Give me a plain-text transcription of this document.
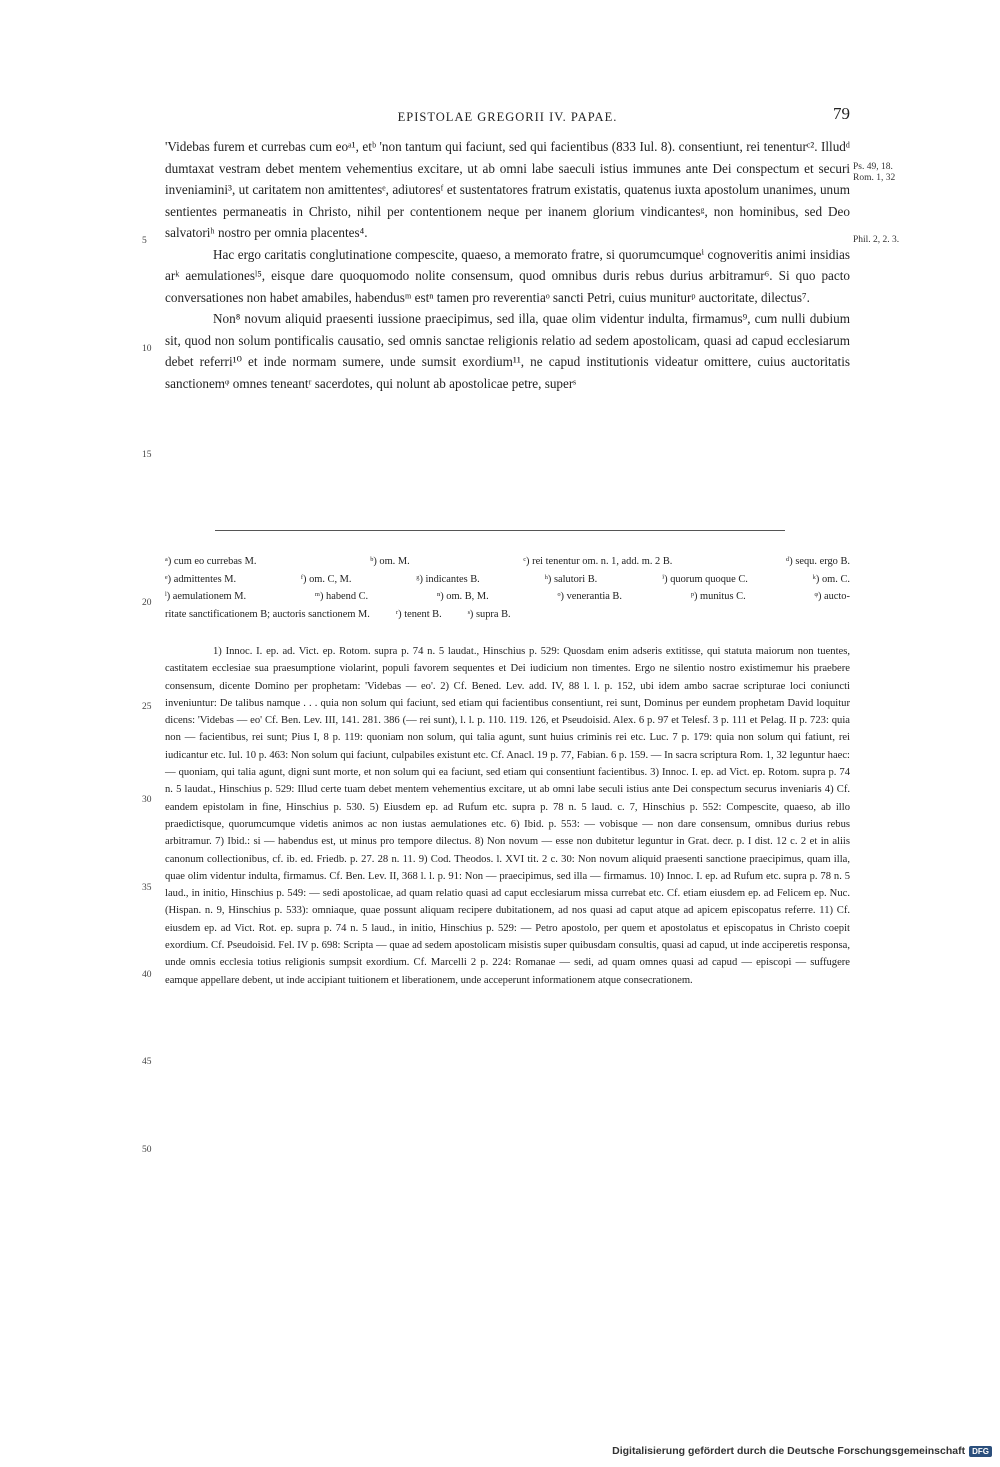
EPISTOLAE GREGORII IV. PAPAE.	79

'Videbas furem et currebas cum eoᵃ¹, etᵇ 'non tantum qui faciunt, sed qui facientibus (833 Iul. 8). consentiunt, rei tenenturᶜ². Illudᵈ dumtaxat vestram debet mentem vehementius excitare, ut ab omni labe saeculi istius immunes ante Dei conspectum et securi inveniamini³, ut caritatem non amittentesᵉ, adiutoresᶠ et sustentatores fratrum existatis, quatenus iuxta apostolum unanimes, unum sentientes permaneatis in Christo, nihil per contentionem neque per inanem glorium vindicantesᵍ, non hominibus, sed Deo salvatoriʰ nostro per omnia placentes⁴.

Hac ergo caritatis conglutinatione compescite, quaeso, a memorato fratre, si quorumcumqueⁱ cognoveritis animi insidias arᵏ aemulationesˡ⁵, eisque dare quoquomodo nolite consensum, quod omnibus duris rebus durius arbitramur⁶. Si quo pacto conversationes non habet amabiles, habendusᵐ estⁿ tamen pro reverentiaᵒ sancti Petri, cuius muniturᵖ auctoritate, dilectus⁷.

Non⁸ novum aliquid praesenti iussione praecipimus, sed illa, quae olim videntur indulta, firmamus⁹, cum nulli dubium sit, quod non solum pontificalis causatio, sed omnis sanctae religionis relatio ad sedem apostolicam, quasi ad capud ecclesiarum debet referri¹⁰ et inde normam sumere, unde sumsit exordium¹¹, ne capud institutionis videatur omittere, cuius auctoritatis sanctionemᵠ omnes teneantʳ sacerdotes, qui nolunt ab apostolicae petre, superˢ

Ps. 49, 18.
Rom. 1, 32
Phil. 2, 2. 3.
5
10
15
20
25
30
35
40
45
50
ᵃ) cum eo currebas M.	ᵇ) om. M.	ᶜ) rei tenentur om. n. 1, add. m. 2 B.	ᵈ) sequ. ergo B.
ᵉ) admittentes M.	ᶠ) om. C, M.	ᵍ) indicantes B.	ʰ) salutori B.	ⁱ) quorum quoque C.	ᵏ) om. C.
ˡ) aemulationem M.	ᵐ) habend C.	ⁿ) om. B, M.	ᵒ) venerantia B.	ᵖ) munitus C.	ᵠ) aucto-
ritate sanctificationem B; auctoris sanctionem M.	ʳ) tenent B.	ˢ) supra B.

1) Innoc. I. ep. ad. Vict. ep. Rotom. supra p. 74 n. 5 laudat., Hinschius p. 529: Quosdam enim adseris extitisse, qui statuta maiorum non tuentes, castitatem ecclesiae sua praesumptione violarint, populi favorem sequentes et Dei iudicium non timentes. Ergo ne silentio nostro existimemur his praebere consensum, dicente Domino per prophetam: 'Videbas — eo'. 2) Cf. Bened. Lev. add. IV, 88 l. l. p. 152, ubi idem ambo sacrae scripturae loci coniuncti inveniuntur: De talibus namque . . . quia non solum qui faciunt, sed etiam qui facientibus consentiunt, rei sunt, Dominus per eundem prophetam David loquitur dicens: 'Videbas — eo' Cf. Ben. Lev. III, 141. 281. 386 (— rei sunt), l. l. p. 110. 119. 126, et Pseudoisid. Alex. 6 p. 97 et Telesf. 3 p. 111 et Pelag. II p. 723: quia non — facientibus, rei sunt; Pius I, 8 p. 119: quoniam non solum, qui talia agunt, sunt huius criminis rei etc. Luc. 7 p. 179: quia non solum qui fatiunt, rei iudicantur etc. Iul. 10 p. 463: Non solum qui faciunt, culpabiles existunt etc. Cf. Anacl. 19 p. 77, Fabian. 6 p. 159. — In sacra scriptura Rom. 1, 32 leguntur haec: — quoniam, qui talia agunt, digni sunt morte, et non solum qui ea faciunt, sed etiam qui consentiunt facientibus. 3) Innoc. I. ep. ad Vict. ep. Rotom. supra p. 74 n. 5 laudat., Hinschius p. 529: Illud certe tuam debet mentem vehementius excitare, ut ab omni labe seculi istius ante Dei conspectum securus inveniaris 4) Cf. eandem epistolam in fine, Hinschius p. 530. 5) Eiusdem ep. ad Rufum etc. supra p. 78 n. 5 laud. c. 7, Hinschius p. 552: Compescite, quaeso, ab illo praedictisque, quorumcumque videtis animos ac non iustas aemulationes etc. 6) Ibid. p. 553: — vobisque — non dare consensum, omnibus durius rebus arbitramur. 7) Ibid.: si — habendus est, ut minus pro tempore dilectus. 8) Non novum — esse non dubitetur leguntur in Grat. decr. p. I dist. 12 c. 2 et in aliis canonum collectionibus, cf. ib. ed. Friedb. p. 27. 28 n. 11. 9) Cod. Theodos. l. XVI tit. 2 c. 30: Non novum aliquid praesenti sanctione praecipimus, quam illa, quae olim videntur indulta, firmamus. Cf. Ben. Lev. II, 368 l. l. p. 91: Non — praecipimus, sed illa — firmamus. 10) Innoc. I. ep. ad Rufum etc. supra p. 78 n. 5 laud., in initio, Hinschius p. 549: — sedi apostolicae, ad quam relatio quasi ad caput ecclesiarum missa currebat etc. Cf. etiam eiusdem ep. ad Felicem ep. Nuc. (Hispan. n. 9, Hinschius p. 533): omniaque, quae possunt aliquam recipere dubitationem, ad nos quasi ad caput atque ad apicem episcopatus referre. 11) Cf. eiusdem ep. ad Vict. Rot. ep. supra p. 74 n. 5 laud., in initio, Hinschius p. 529: — Petro apostolo, per quem et apostolatus et episcopatus in Christo coepit exordium. Cf. Pseudoisid. Fel. IV p. 698: Scripta — quae ad sedem apostolicam misistis super quibusdam consultis, quasi ad capud, ut inde acciperetis responsa, unde omnis ecclesia totius religionis sumpsit exordium. Cf. Marcelli 2 p. 224: Romanae — sedi, ad quam omnes quasi ad capud — episcopi — suffugere eamque appellare debent, ut inde accipiant tuitionem et liberationem, unde acceperunt informationem atque consecrationem.

Digitalisierung gefördert durch die Deutsche Forschungsgemeinschaft DFG
